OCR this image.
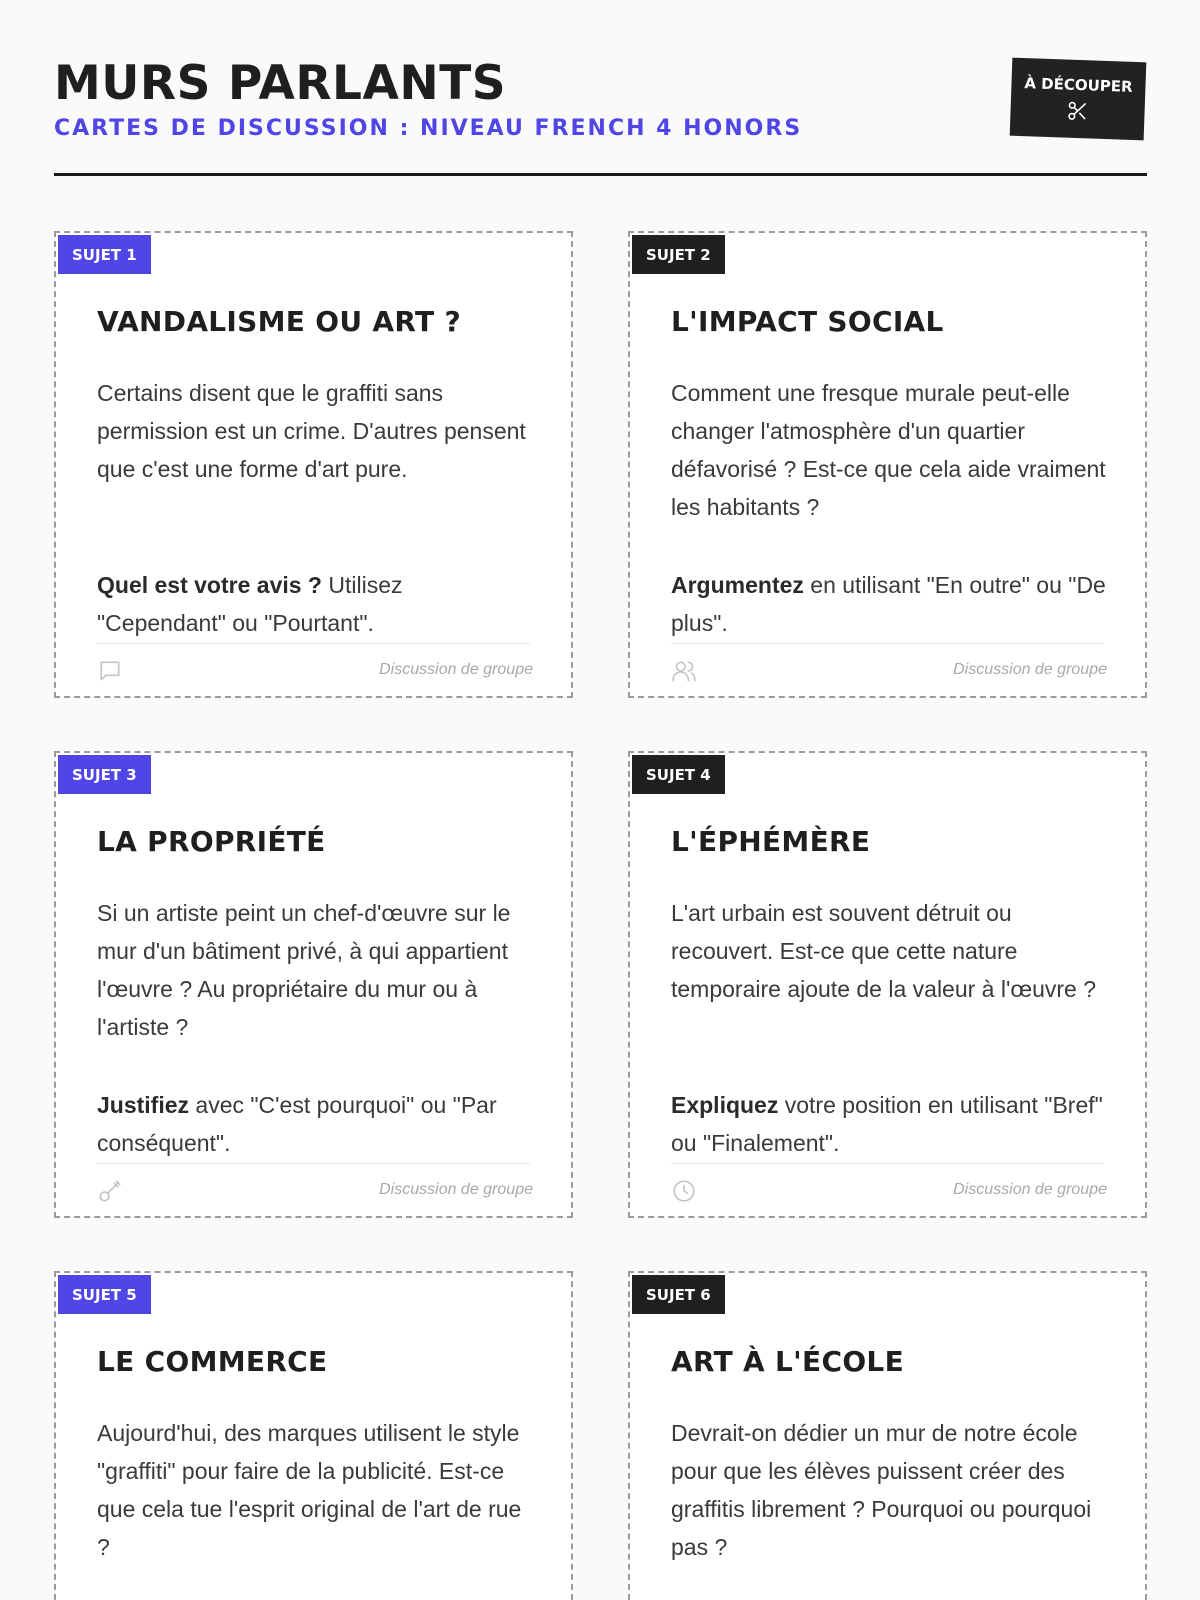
MURS PARLANTS
CARTES DE DISCUSSION : NIVEAU FRENCH 4 HONORS
À DÉCOUPER
SUJET 1
VANDALISME OU ART ?
Certains disent que le graffiti sans permission est un crime. D'autres pensent que c'est une forme d'art pure.
Quel est votre avis ? Utilisez "Cependant" ou "Pourtant".
Discussion de groupe
SUJET 2
L'IMPACT SOCIAL
Comment une fresque murale peut-elle changer l'atmosphère d'un quartier défavorisé ? Est-ce que cela aide vraiment les habitants ?
Argumentez en utilisant "En outre" ou "De plus".
Discussion de groupe
SUJET 3
LA PROPRIÉTÉ
Si un artiste peint un chef-d'œuvre sur le mur d'un bâtiment privé, à qui appartient l'œuvre ? Au propriétaire du mur ou à l'artiste ?
Justifiez avec "C'est pourquoi" ou "Par conséquent".
Discussion de groupe
SUJET 4
L'ÉPHÉMÈRE
L'art urbain est souvent détruit ou recouvert. Est-ce que cette nature temporaire ajoute de la valeur à l'œuvre ?
Expliquez votre position en utilisant "Bref" ou "Finalement".
Discussion de groupe
SUJET 5
LE COMMERCE
Aujourd'hui, des marques utilisent le style "graffiti" pour faire de la publicité. Est-ce que cela tue l'esprit original de l'art de rue ?
SUJET 6
ART À L'ÉCOLE
Devrait-on dédier un mur de notre école pour que les élèves puissent créer des graffitis librement ? Pourquoi ou pourquoi pas ?
